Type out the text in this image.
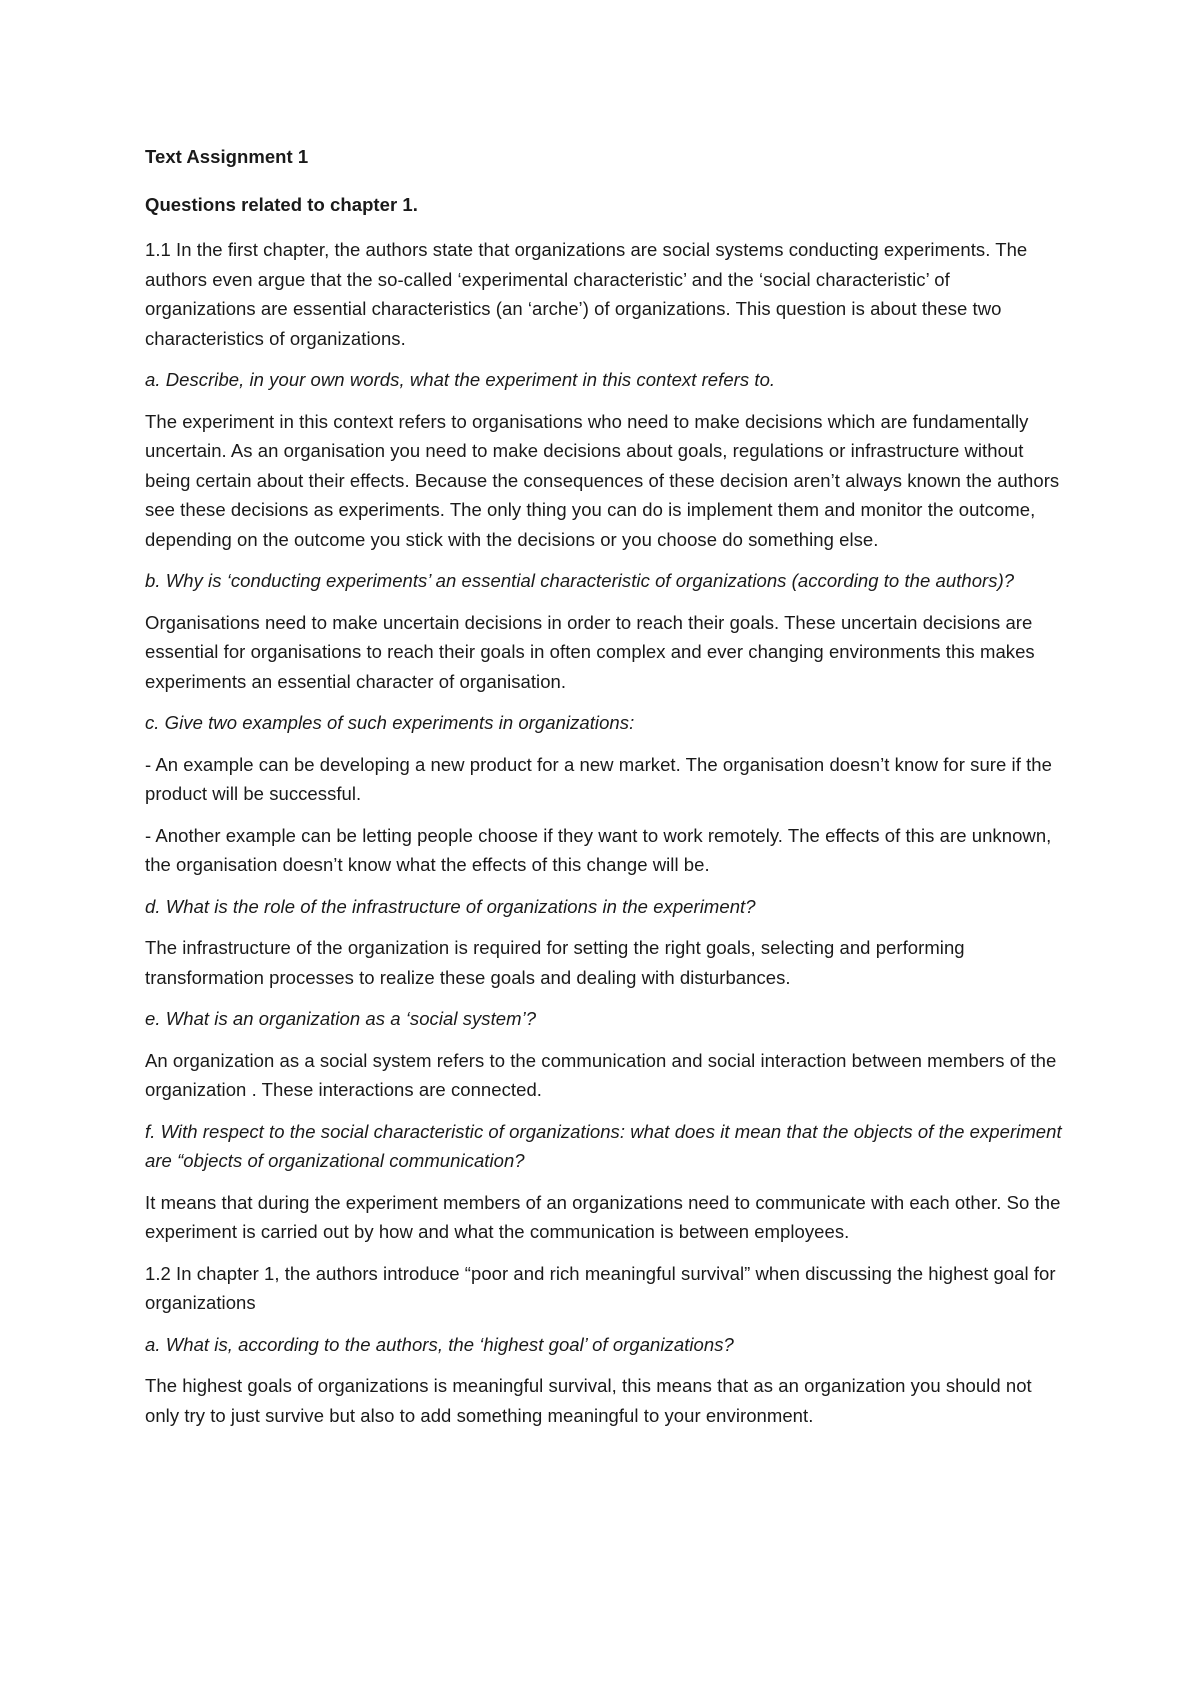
Text Assignment 1

Questions related to chapter 1.

1.1 In the first chapter, the authors state that organizations are social systems conducting experiments. The authors even argue that the so-called ‘experimental characteristic’ and the ‘social characteristic’ of organizations are essential characteristics (an ‘arche’) of organizations. This question is about these two characteristics of organizations.

a. Describe, in your own words, what the experiment in this context refers to.

The experiment in this context refers to organisations who need to make decisions which are fundamentally uncertain. As an organisation you need to make decisions about goals, regulations or infrastructure without being certain about their effects. Because the consequences of these decision aren’t always known the authors see these decisions as experiments. The only thing you can do is implement them and monitor the outcome, depending on the outcome you stick with the decisions or you choose do something else.

b. Why is ‘conducting experiments’ an essential characteristic of organizations (according to the authors)?

Organisations need to make uncertain decisions in order to reach their goals. These uncertain decisions are essential for organisations to reach their goals in often complex and ever changing environments this makes experiments an essential character of organisation.

c. Give two examples of such experiments in organizations:

- An example can be developing a new product for a new market. The organisation doesn’t know for sure if the product will be successful.

- Another example can be letting people choose if they want to work remotely. The effects of this are unknown, the organisation doesn’t know what the effects of this change will be.

d. What is the role of the infrastructure of organizations in the experiment?

The infrastructure of the organization is required for setting the right goals, selecting and performing transformation processes to realize these goals and dealing with disturbances.

e. What is an organization as a ‘social system’?

An organization as a social system refers to the communication and social interaction between members of the organization . These interactions are connected.

f. With respect to the social characteristic of organizations: what does it mean that the objects of the experiment are “objects of organizational communication?

It means that during the experiment members of an organizations need to communicate with each other. So the experiment is carried out by how and what the communication is between employees.

1.2 In chapter 1, the authors introduce “poor and rich meaningful survival” when discussing the highest goal for organizations

a. What is, according to the authors, the ‘highest goal’ of organizations?

The highest goals of organizations is meaningful survival, this means that as an organization you should not only try to just survive but also to add something meaningful to your environment.
